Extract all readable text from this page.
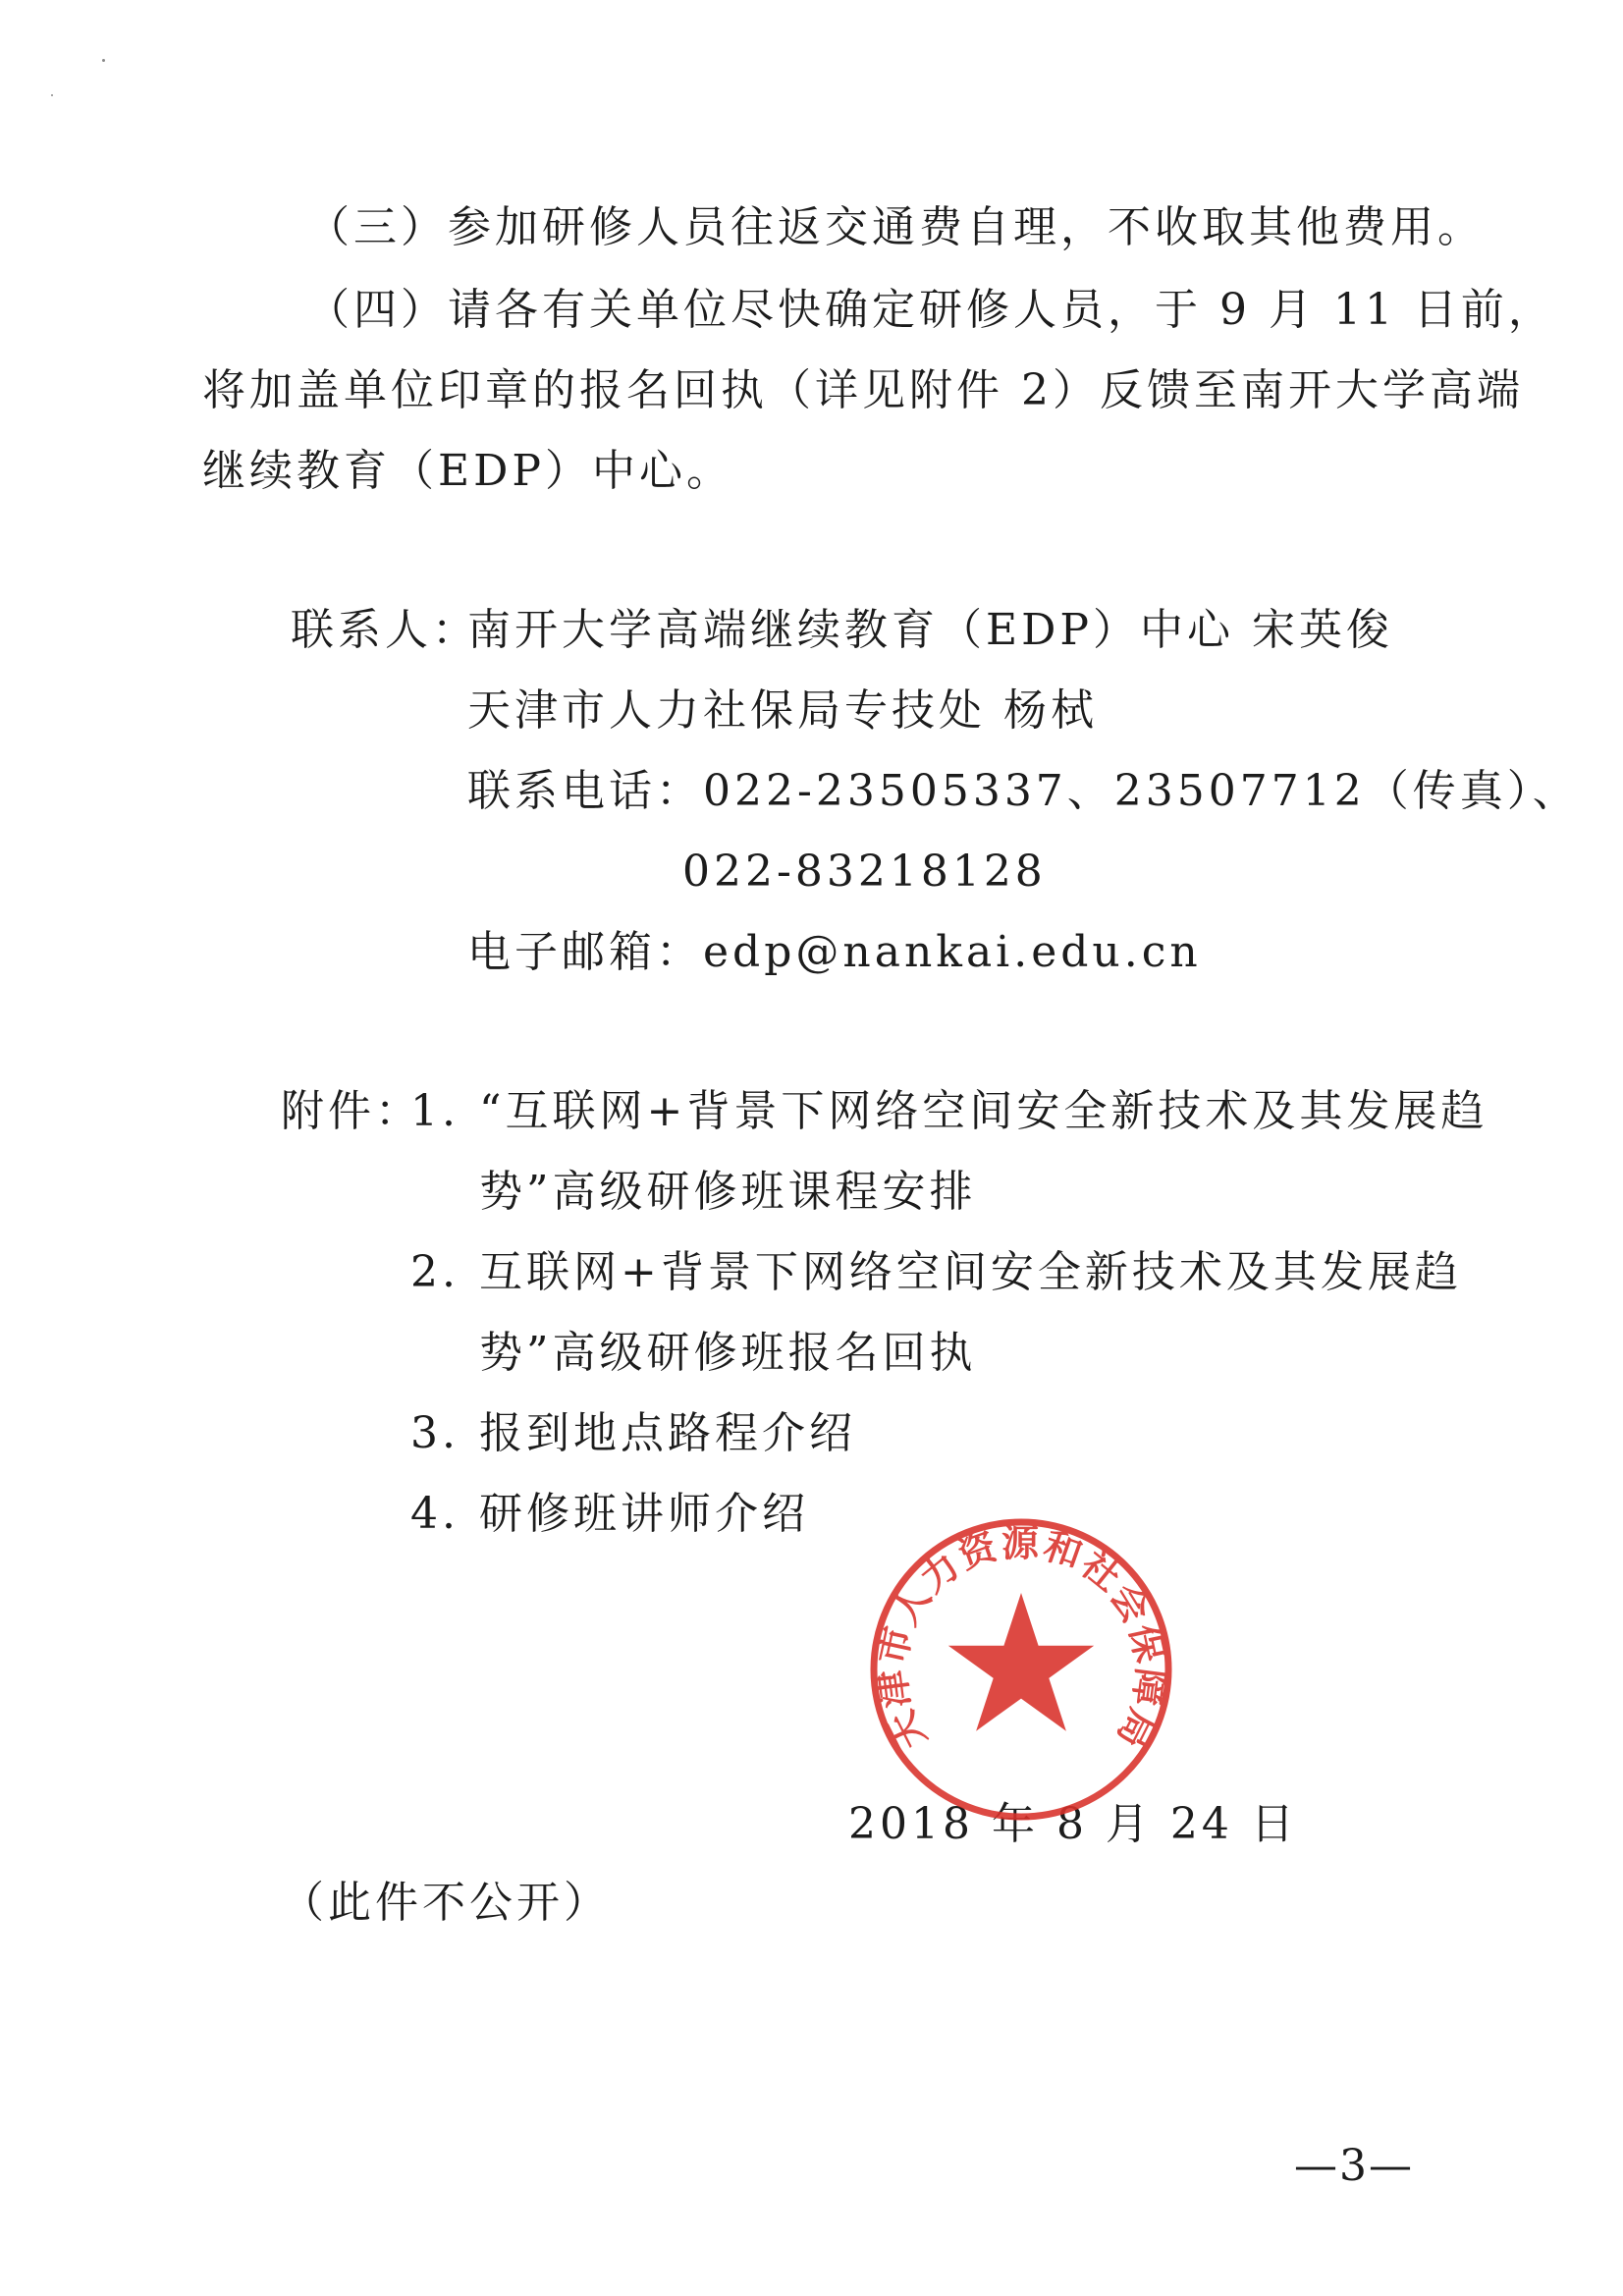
（三）参加研修人员往返交通费自理，不收取其他费用。
（四）请各有关单位尽快确定研修人员，于 9 月 11 日前，
将加盖单位印章的报名回执（详见附件 2）反馈至南开大学高端
继续教育（EDP）中心。
联系人：
南开大学高端继续教育（EDP）中心 宋英俊
天津市人力社保局专技处 杨栻
联系电话：022-23505337、23507712（传真）、
022-83218128
电子邮箱：edp@nankai.edu.cn
附件：
1. “互联网+背景下网络空间安全新技术及其发展趋
势”高级研修班课程安排
2. 互联网+背景下网络空间安全新技术及其发展趋
势”高级研修班报名回执
3. 报到地点路程介绍
4. 研修班讲师介绍
2018 年 8 月 24 日
天津市人力资源和社会保障局
（此件不公开）
—3—
